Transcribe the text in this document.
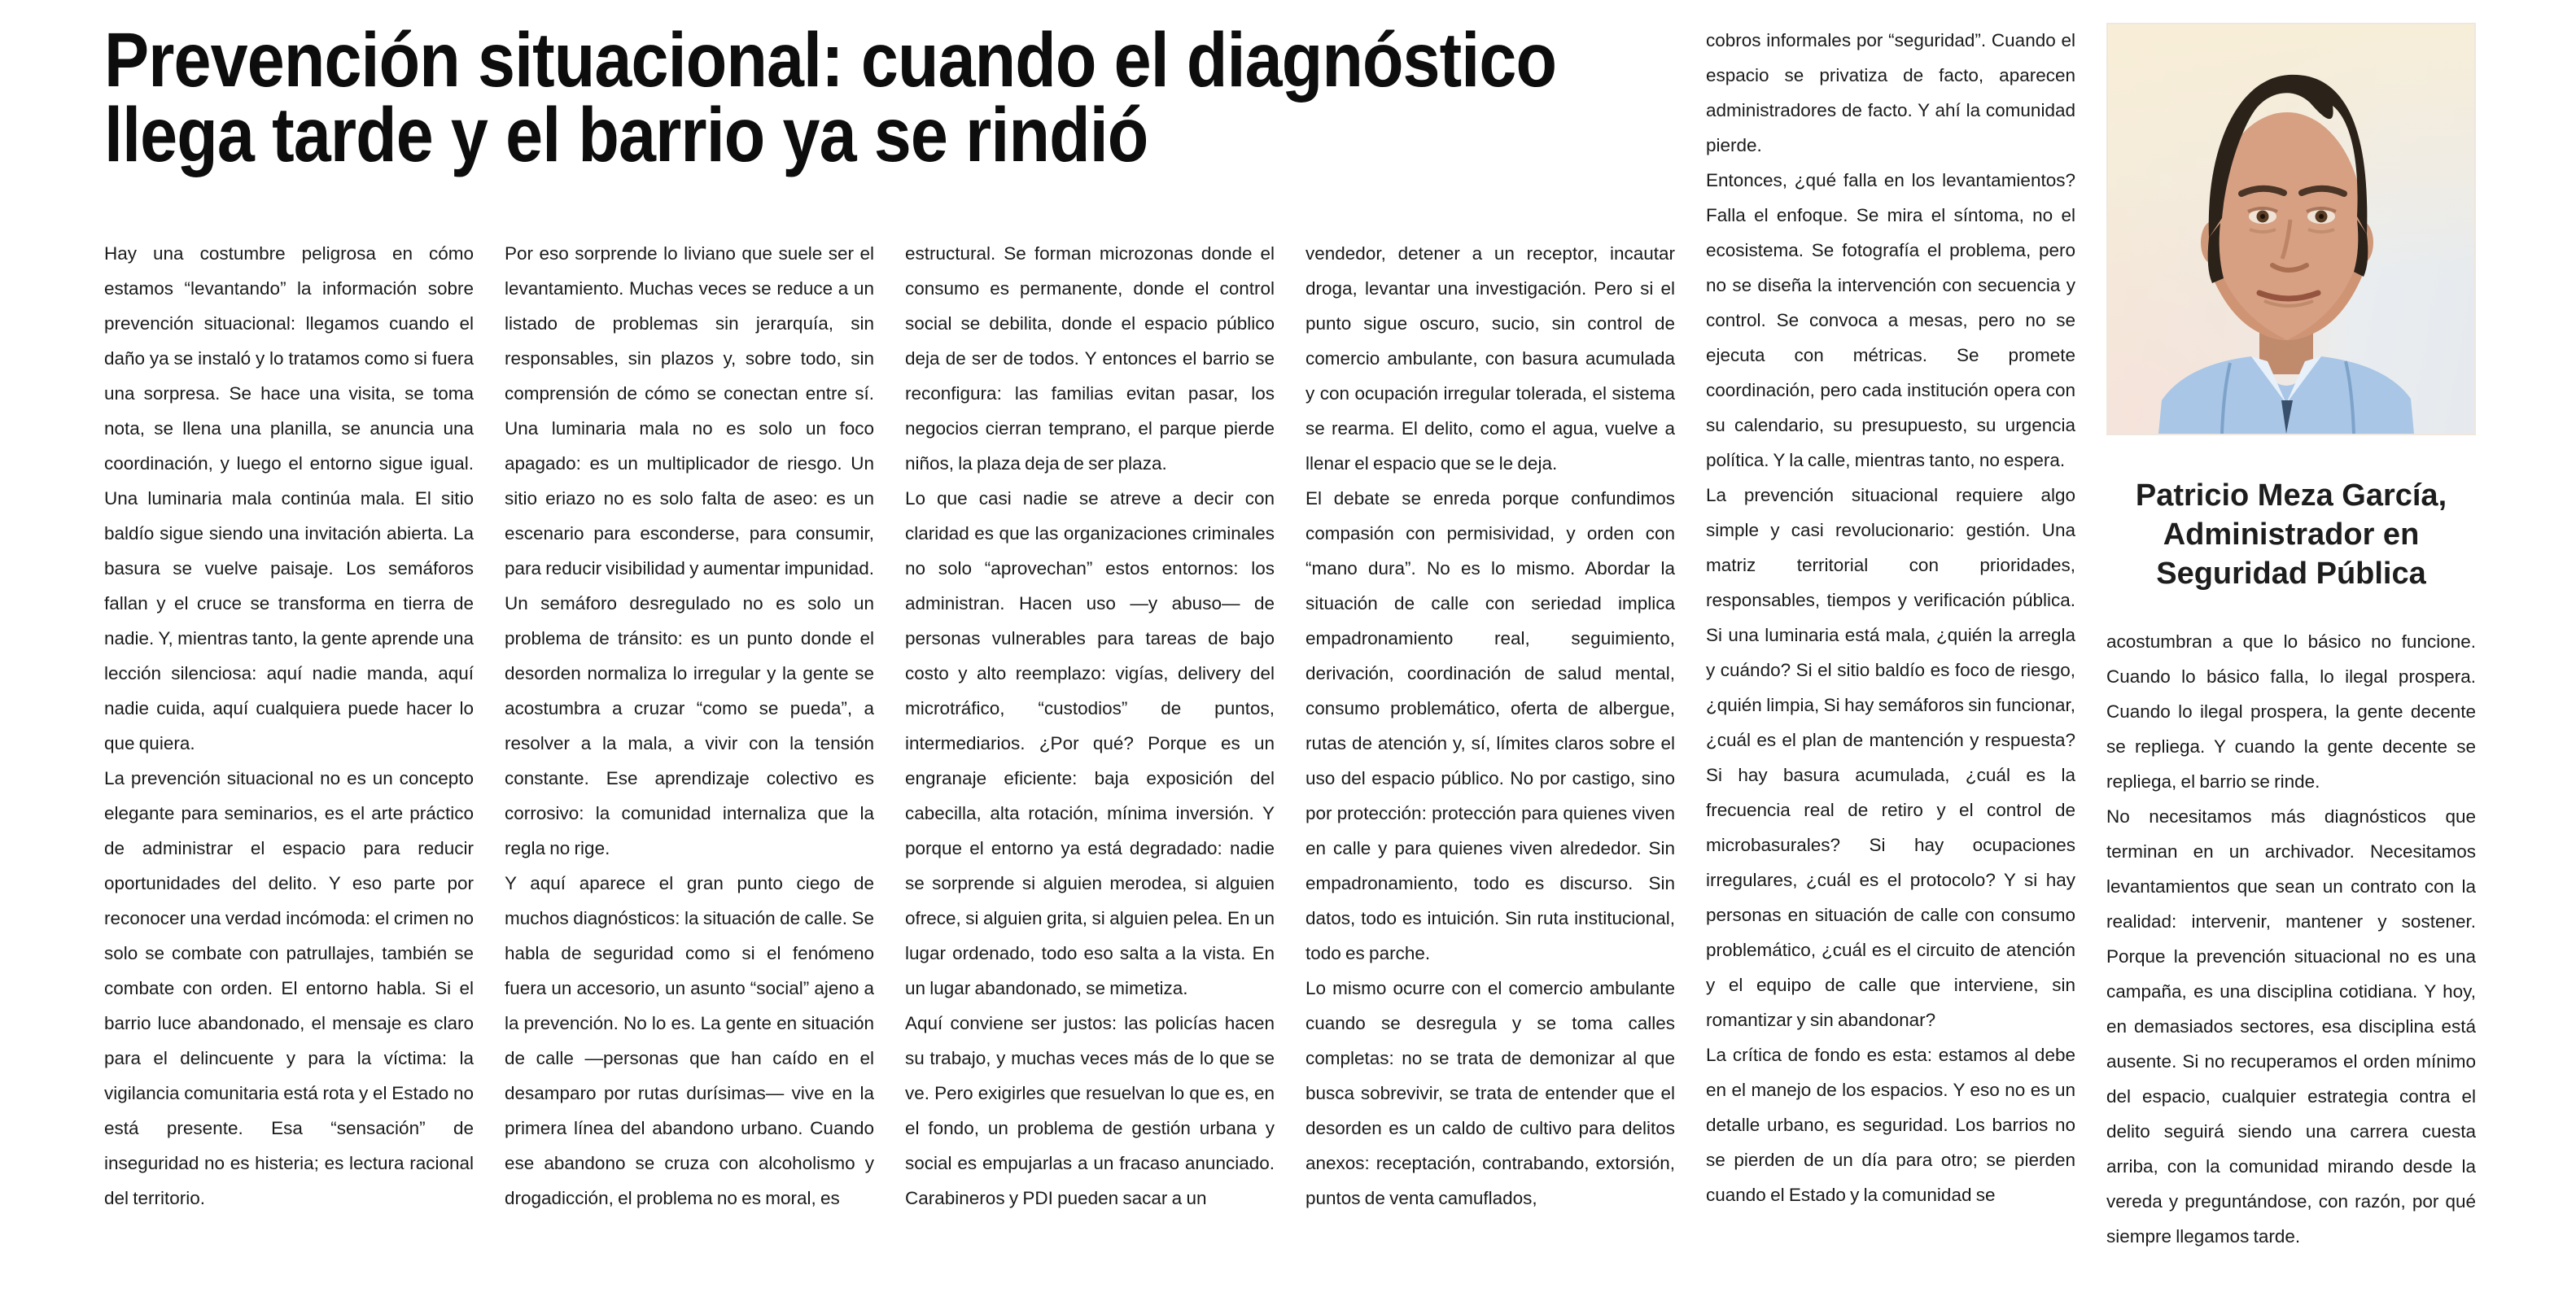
Prevención situacional: cuando el diagnóstico
llega tarde y el barrio ya se rindió

Hay una costumbre peligrosa en cómo estamos “levantando” la información sobre prevención situacional: llegamos cuando el daño ya se instaló y lo tratamos como si fuera una sorpresa. Se hace una visita, se toma nota, se llena una planilla, se anuncia una coordinación, y luego el entorno sigue igual. Una luminaria mala continúa mala. El sitio baldío sigue siendo una invitación abierta. La basura se vuelve paisaje. Los semáforos fallan y el cruce se transforma en tierra de nadie. Y, mientras tanto, la gente aprende una lección silenciosa: aquí nadie manda, aquí nadie cuida, aquí cualquiera puede hacer lo que quiera.

La prevención situacional no es un concepto elegante para seminarios, es el arte práctico de administrar el espacio para reducir oportunidades del delito. Y eso parte por reconocer una verdad incómoda: el crimen no solo se combate con patrullajes, también se combate con orden. El entorno habla. Si el barrio luce abandonado, el mensaje es claro para el delincuente y para la víctima: la vigilancia comunitaria está rota y el Estado no está presente. Esa “sensación” de inseguridad no es histeria; es lectura racional del territorio.

Por eso sorprende lo liviano que suele ser el levantamiento. Muchas veces se reduce a un listado de problemas sin jerarquía, sin responsables, sin plazos y, sobre todo, sin comprensión de cómo se conectan entre sí. Una luminaria mala no es solo un foco apagado: es un multiplicador de riesgo. Un sitio eriazo no es solo falta de aseo: es un escenario para esconderse, para consumir, para reducir visibilidad y aumentar impunidad. Un semáforo desregulado no es solo un problema de tránsito: es un punto donde el desorden normaliza lo irregular y la gente se acostumbra a cruzar “como se pueda”, a resolver a la mala, a vivir con la tensión constante. Ese aprendizaje colectivo es corrosivo: la comunidad internaliza que la regla no rige.

Y aquí aparece el gran punto ciego de muchos diagnósticos: la situación de calle. Se habla de seguridad como si el fenómeno fuera un accesorio, un asunto “social” ajeno a la prevención. No lo es. La gente en situación de calle —personas que han caído en el desamparo por rutas durísimas— vive en la primera línea del abandono urbano. Cuando ese abandono se cruza con alcoholismo y drogadicción, el problema no es moral, es

estructural. Se forman microzonas donde el consumo es permanente, donde el control social se debilita, donde el espacio público deja de ser de todos. Y entonces el barrio se reconfigura: las familias evitan pasar, los negocios cierran temprano, el parque pierde niños, la plaza deja de ser plaza.

Lo que casi nadie se atreve a decir con claridad es que las organizaciones criminales no solo “aprovechan” estos entornos: los administran. Hacen uso —y abuso— de personas vulnerables para tareas de bajo costo y alto reemplazo: vigías, delivery del microtráfico, “custodios” de puntos, intermediarios. ¿Por qué? Porque es un engranaje eficiente: baja exposición del cabecilla, alta rotación, mínima inversión. Y porque el entorno ya está degradado: nadie se sorprende si alguien merodea, si alguien ofrece, si alguien grita, si alguien pelea. En un lugar ordenado, todo eso salta a la vista. En un lugar abandonado, se mimetiza.

Aquí conviene ser justos: las policías hacen su trabajo, y muchas veces más de lo que se ve. Pero exigirles que resuelvan lo que es, en el fondo, un problema de gestión urbana y social es empujarlas a un fracaso anunciado. Carabineros y PDI pueden sacar a un

vendedor, detener a un receptor, incautar droga, levantar una investigación. Pero si el punto sigue oscuro, sucio, sin control de comercio ambulante, con basura acumulada y con ocupación irregular tolerada, el sistema se rearma. El delito, como el agua, vuelve a llenar el espacio que se le deja.

El debate se enreda porque confundimos compasión con permisividad, y orden con “mano dura”. No es lo mismo. Abordar la situación de calle con seriedad implica empadronamiento real, seguimiento, derivación, coordinación de salud mental, consumo problemático, oferta de albergue, rutas de atención y, sí, límites claros sobre el uso del espacio público. No por castigo, sino por protección: protección para quienes viven en calle y para quienes viven alrededor. Sin empadronamiento, todo es discurso. Sin datos, todo es intuición. Sin ruta institucional, todo es parche.

Lo mismo ocurre con el comercio ambulante cuando se desregula y se toma calles completas: no se trata de demonizar al que busca sobrevivir, se trata de entender que el desorden es un caldo de cultivo para delitos anexos: receptación, contrabando, extorsión, puntos de venta camuflados,

cobros informales por “seguridad”. Cuando el espacio se privatiza de facto, aparecen administradores de facto. Y ahí la comunidad pierde.

Entonces, ¿qué falla en los levantamientos? Falla el enfoque. Se mira el síntoma, no el ecosistema. Se fotografía el problema, pero no se diseña la intervención con secuencia y control. Se convoca a mesas, pero no se ejecuta con métricas. Se promete coordinación, pero cada institución opera con su calendario, su presupuesto, su urgencia política. Y la calle, mientras tanto, no espera.

La prevención situacional requiere algo simple y casi revolucionario: gestión. Una matriz territorial con prioridades, responsables, tiempos y verificación pública. Si una luminaria está mala, ¿quién la arregla y cuándo? Si el sitio baldío es foco de riesgo, ¿quién limpia, Si hay semáforos sin funcionar, ¿cuál es el plan de mantención y respuesta? Si hay basura acumulada, ¿cuál es la frecuencia real de retiro y el control de microbasurales? Si hay ocupaciones irregulares, ¿cuál es el protocolo? Y si hay personas en situación de calle con consumo problemático, ¿cuál es el circuito de atención y el equipo de calle que interviene, sin romantizar y sin abandonar?

La crítica de fondo es esta: estamos al debe en el manejo de los espacios. Y eso no es un detalle urbano, es seguridad. Los barrios no se pierden de un día para otro; se pierden cuando el Estado y la comunidad se

Patricio Meza García,
Administrador en
Seguridad Pública

acostumbran a que lo básico no funcione. Cuando lo básico falla, lo ilegal prospera. Cuando lo ilegal prospera, la gente decente se repliega. Y cuando la gente decente se repliega, el barrio se rinde.

No necesitamos más diagnósticos que terminan en un archivador. Necesitamos levantamientos que sean un contrato con la realidad: intervenir, mantener y sostener. Porque la prevención situacional no es una campaña, es una disciplina cotidiana. Y hoy, en demasiados sectores, esa disciplina está ausente. Si no recuperamos el orden mínimo del espacio, cualquier estrategia contra el delito seguirá siendo una carrera cuesta arriba, con la comunidad mirando desde la vereda y preguntándose, con razón, por qué siempre llegamos tarde.
